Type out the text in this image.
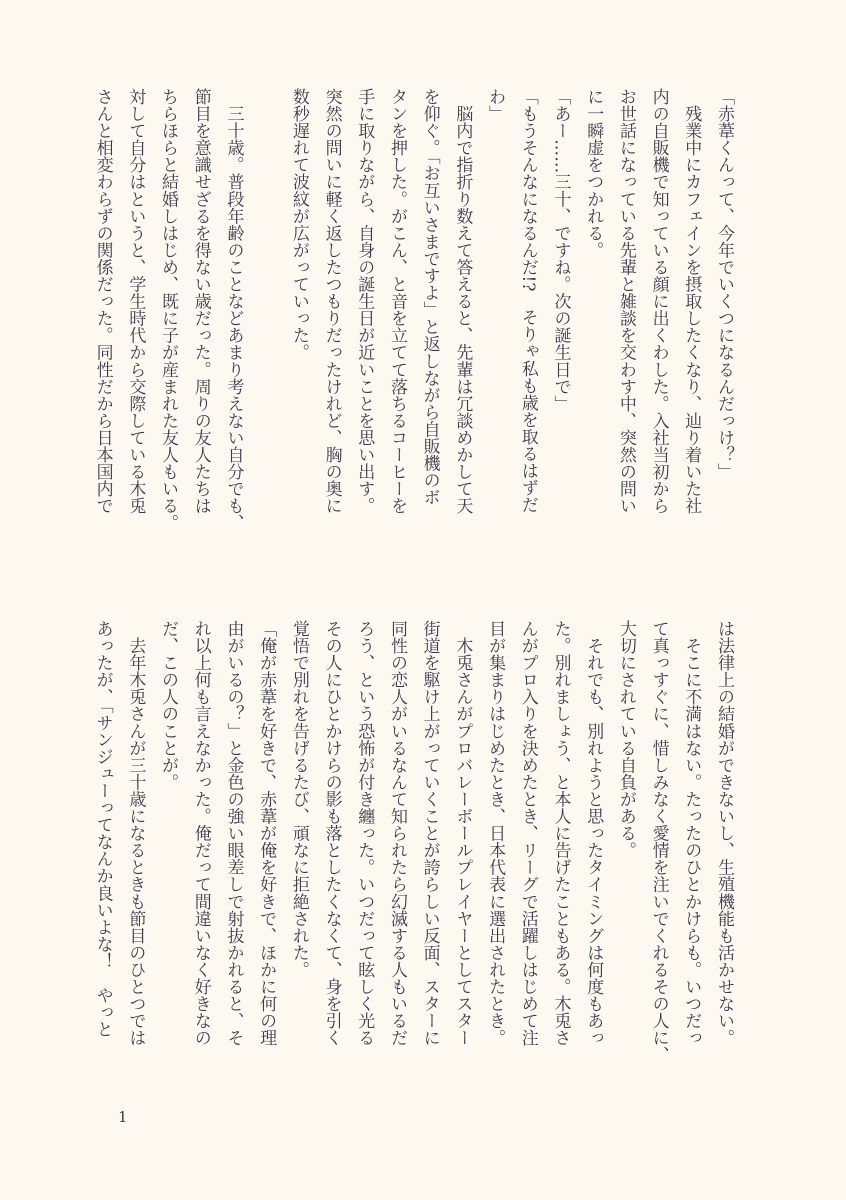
「赤葦くんって、今年でいくつになるんだっけ？」

　残業中にカフェインを摂取したくなり、辿り着いた社

内の自販機で知っている顔に出くわした。入社当初から

お世話になっている先輩と雑談を交わす中、突然の問い

に一瞬虚をつかれる。

「あー……三十、ですね。次の誕生日で」

「もうそんなになるんだ!?　そりゃ私も歳を取るはずだ

わ」

　脳内で指折り数えて答えると、先輩は冗談めかして天

を仰ぐ。「お互いさまですよ」と返しながら自販機のボ

タンを押した。がこん、と音を立てて落ちるコーヒーを

手に取りながら、自身の誕生日が近いことを思い出す。

突然の問いに軽く返したつもりだったけれど、胸の奥に

数秒遅れて波紋が広がっていった。

　三十歳。普段年齢のことなどあまり考えない自分でも、

節目を意識せざるを得ない歳だった。周りの友人たちは

ちらほらと結婚しはじめ、既に子が産まれた友人もいる。

対して自分はというと、学生時代から交際している木兎

さんと相変わらずの関係だった。同性だから日本国内で

は法律上の結婚ができないし、生殖機能も活かせない。

　そこに不満はない。たったのひとかけらも。いつだっ

て真っすぐに、惜しみなく愛情を注いでくれるその人に、

大切にされている自負がある。

　それでも、別れようと思ったタイミングは何度もあっ

た。別れましょう、と本人に告げたこともある。木兎さ

んがプロ入りを決めたとき、リーグで活躍しはじめて注

目が集まりはじめたとき、日本代表に選出されたとき。

　木兎さんがプロバレーボールプレイヤーとしてスター

街道を駆け上がっていくことが誇らしい反面、スターに

同性の恋人がいるなんて知られたら幻滅する人もいるだ

ろう、という恐怖が付き纏った。いつだって眩しく光る

その人にひとかけらの影も落としたくなくて、身を引く

覚悟で別れを告げるたび、頑なに拒絶された。

「俺が赤葦を好きで、赤葦が俺を好きで、ほかに何の理

由がいるの？」と金色の強い眼差しで射抜かれると、そ

れ以上何も言えなかった。俺だって間違いなく好きなの

だ、この人のことが。

　去年木兎さんが三十歳になるときも節目のひとつでは

あったが、「サンジューってなんか良いよな！　やっと

1
